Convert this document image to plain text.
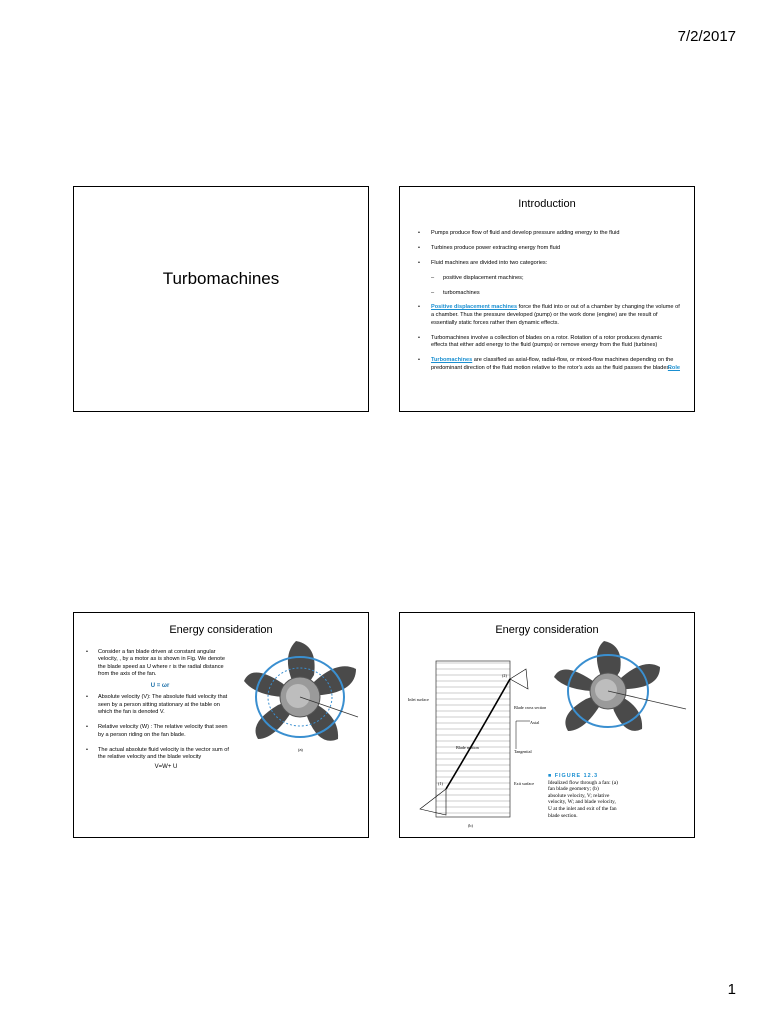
7/2/2017
Turbomachines
Introduction
• Pumps produce flow of fluid and develop pressure adding energy to the fluid
• Turbines produce power extracting energy from fluid
• Fluid machines are divided into two categories:
– positive displacement machines;
– turbomachines
• Positive displacement machines force the fluid into or out of a chamber by changing the volume of a chamber. Thus the pressure developed (pump) or the work done (engine) are the result of essentially static forces rather then dynamic effects.
• Turbomachines involve a collection of blades on a rotor. Rotation of a rotor produces dynamic effects that either add energy to the fluid (pumps) or remove energy from the fluid (turbines)
• Turbomachines are classified as axial-flow, radial-flow, or mixed-flow machines depending on the predominant direction of the fluid motion relative to the rotor's axis as the fluid passes the blades.
Role
Energy consideration
• Consider a fan blade driven at constant angular velocity, , by a motor as is shown in Fig. We denote the blade speed as U where r is the radial distance from the axis of the fan.
U = ωr
• Absolute velocity (V): The absolute fluid velocity that seen by a person sitting stationary at the table on which the fan is denoted V.
• Relative velocity (W) : The relative velocity that seen by a person riding on the fan blade.
• The actual absolute fluid velocity is the vector sum of the relative velocity and the blade velocity
V=W+ U
(a)
Energy consideration
Inlet surface
Blade cross section
Axial
Tangential
Exit surface
Blade motion
(1)
(2)
(b)
■ FIGURE 12.3
Idealized flow through a fan: (a) fan blade geometry; (b) absolute velocity, V; relative velocity, W; and blade velocity, U at the inlet and exit of the fan blade section.
1
